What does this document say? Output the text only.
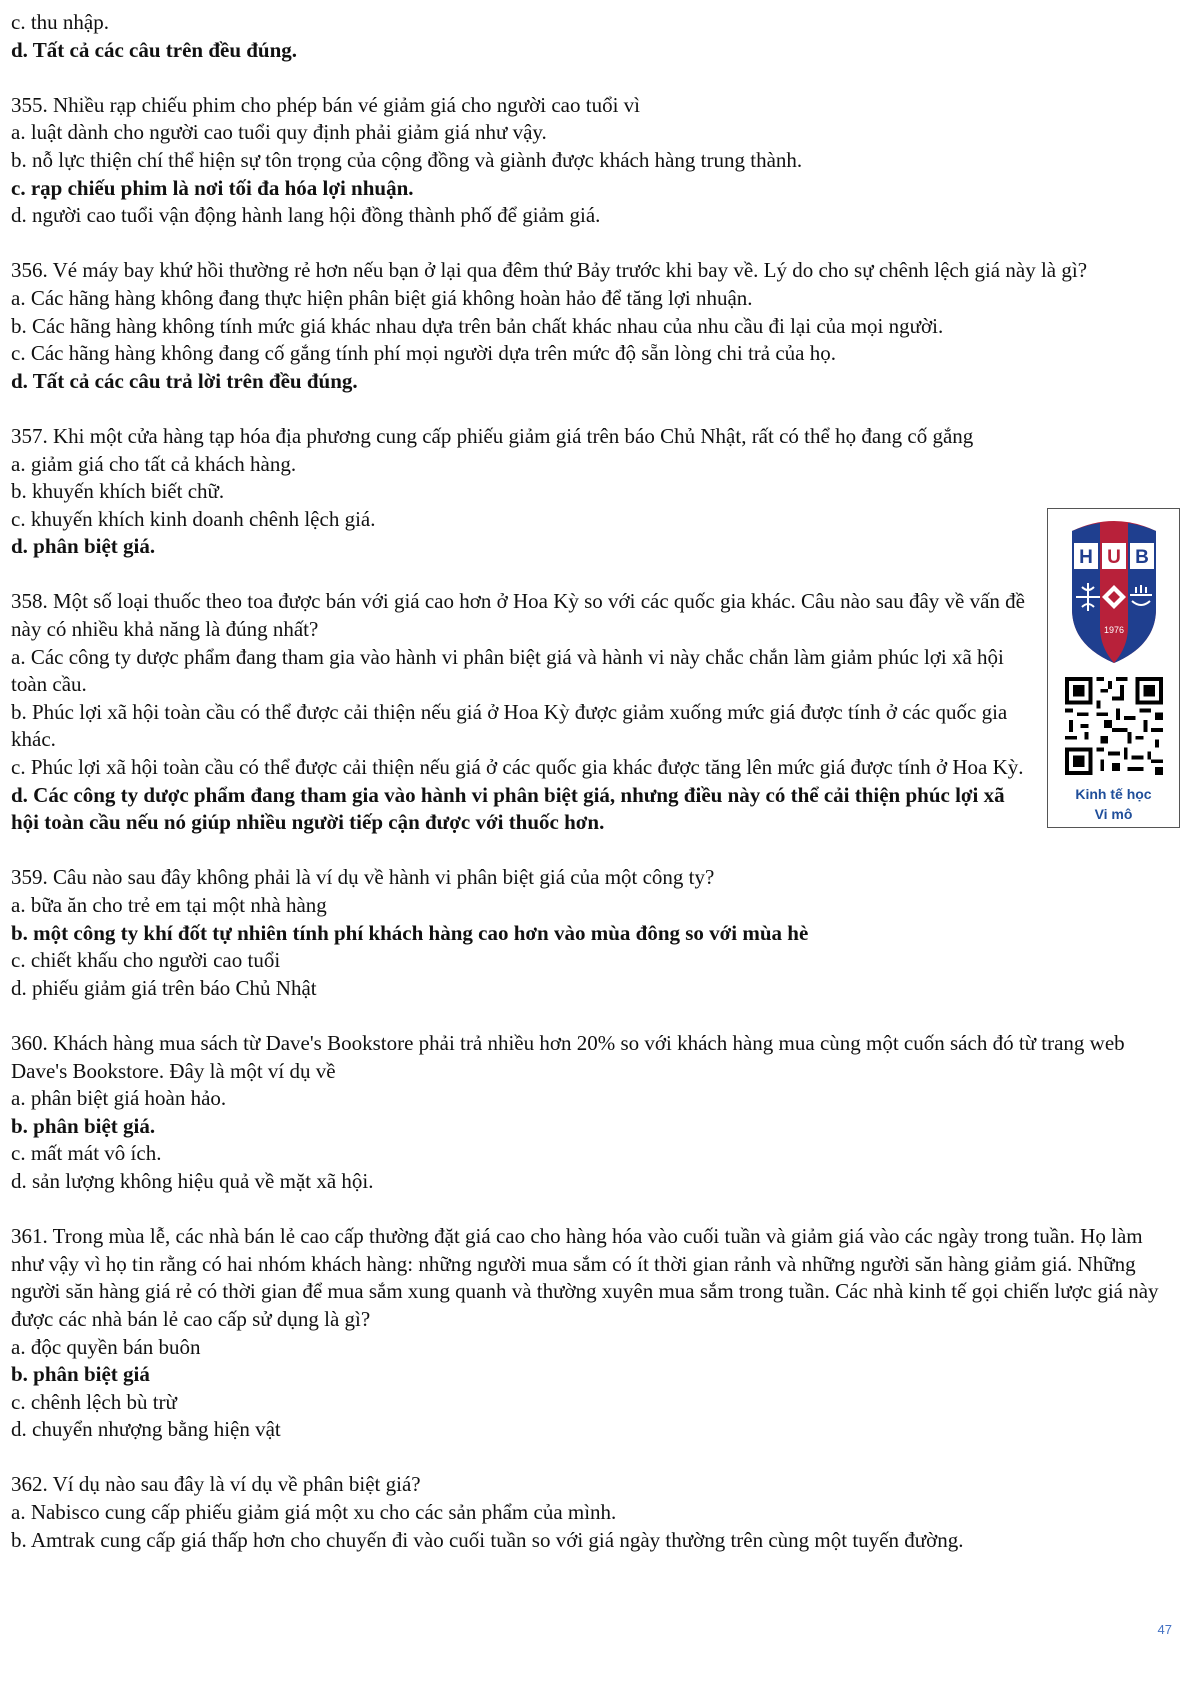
c. thu nhập.
d. Tất cả các câu trên đều đúng.
355. Nhiều rạp chiếu phim cho phép bán vé giảm giá cho người cao tuổi vì
a. luật dành cho người cao tuổi quy định phải giảm giá như vậy.
b. nỗ lực thiện chí thể hiện sự tôn trọng của cộng đồng và giành được khách hàng trung thành.
c. rạp chiếu phim là nơi tối đa hóa lợi nhuận.
d. người cao tuổi vận động hành lang hội đồng thành phố để giảm giá.
356. Vé máy bay khứ hồi thường rẻ hơn nếu bạn ở lại qua đêm thứ Bảy trước khi bay về. Lý do cho sự chênh lệch giá này là gì?
a. Các hãng hàng không đang thực hiện phân biệt giá không hoàn hảo để tăng lợi nhuận.
b. Các hãng hàng không tính mức giá khác nhau dựa trên bản chất khác nhau của nhu cầu đi lại của mọi người.
c. Các hãng hàng không đang cố gắng tính phí mọi người dựa trên mức độ sẵn lòng chi trả của họ.
d. Tất cả các câu trả lời trên đều đúng.
357. Khi một cửa hàng tạp hóa địa phương cung cấp phiếu giảm giá trên báo Chủ Nhật, rất có thể họ đang cố gắng
a. giảm giá cho tất cả khách hàng.
b. khuyến khích biết chữ.
c. khuyến khích kinh doanh chênh lệch giá.
d. phân biệt giá.
358. Một số loại thuốc theo toa được bán với giá cao hơn ở Hoa Kỳ so với các quốc gia khác. Câu nào sau đây về vấn đề này có nhiều khả năng là đúng nhất?
a. Các công ty dược phẩm đang tham gia vào hành vi phân biệt giá và hành vi này chắc chắn làm giảm phúc lợi xã hội toàn cầu.
b. Phúc lợi xã hội toàn cầu có thể được cải thiện nếu giá ở Hoa Kỳ được giảm xuống mức giá được tính ở các quốc gia khác.
c. Phúc lợi xã hội toàn cầu có thể được cải thiện nếu giá ở các quốc gia khác được tăng lên mức giá được tính ở Hoa Kỳ.
d. Các công ty dược phẩm đang tham gia vào hành vi phân biệt giá, nhưng điều này có thể cải thiện phúc lợi xã hội toàn cầu nếu nó giúp nhiều người tiếp cận được với thuốc hơn.
359. Câu nào sau đây không phải là ví dụ về hành vi phân biệt giá của một công ty?
a. bữa ăn cho trẻ em tại một nhà hàng
b. một công ty khí đốt tự nhiên tính phí khách hàng cao hơn vào mùa đông so với mùa hè
c. chiết khấu cho người cao tuổi
d. phiếu giảm giá trên báo Chủ Nhật
360. Khách hàng mua sách từ Dave's Bookstore phải trả nhiều hơn 20% so với khách hàng mua cùng một cuốn sách đó từ trang web Dave's Bookstore. Đây là một ví dụ về
a. phân biệt giá hoàn hảo.
b. phân biệt giá.
c. mất mát vô ích.
d. sản lượng không hiệu quả về mặt xã hội.
361. Trong mùa lễ, các nhà bán lẻ cao cấp thường đặt giá cao cho hàng hóa vào cuối tuần và giảm giá vào các ngày trong tuần. Họ làm như vậy vì họ tin rằng có hai nhóm khách hàng: những người mua sắm có ít thời gian rảnh và những người săn hàng giảm giá. Những người săn hàng giá rẻ có thời gian để mua sắm xung quanh và thường xuyên mua sắm trong tuần. Các nhà kinh tế gọi chiến lược giá này được các nhà bán lẻ cao cấp sử dụng là gì?
a. độc quyền bán buôn
b. phân biệt giá
c. chênh lệch bù trừ
d. chuyển nhượng bằng hiện vật
362. Ví dụ nào sau đây là ví dụ về phân biệt giá?
a. Nabisco cung cấp phiếu giảm giá một xu cho các sản phẩm của mình.
b. Amtrak cung cấp giá thấp hơn cho chuyến đi vào cuối tuần so với giá ngày thường trên cùng một tuyến đường.
H U B
1976
Kinh tế học
Vi mô
47
